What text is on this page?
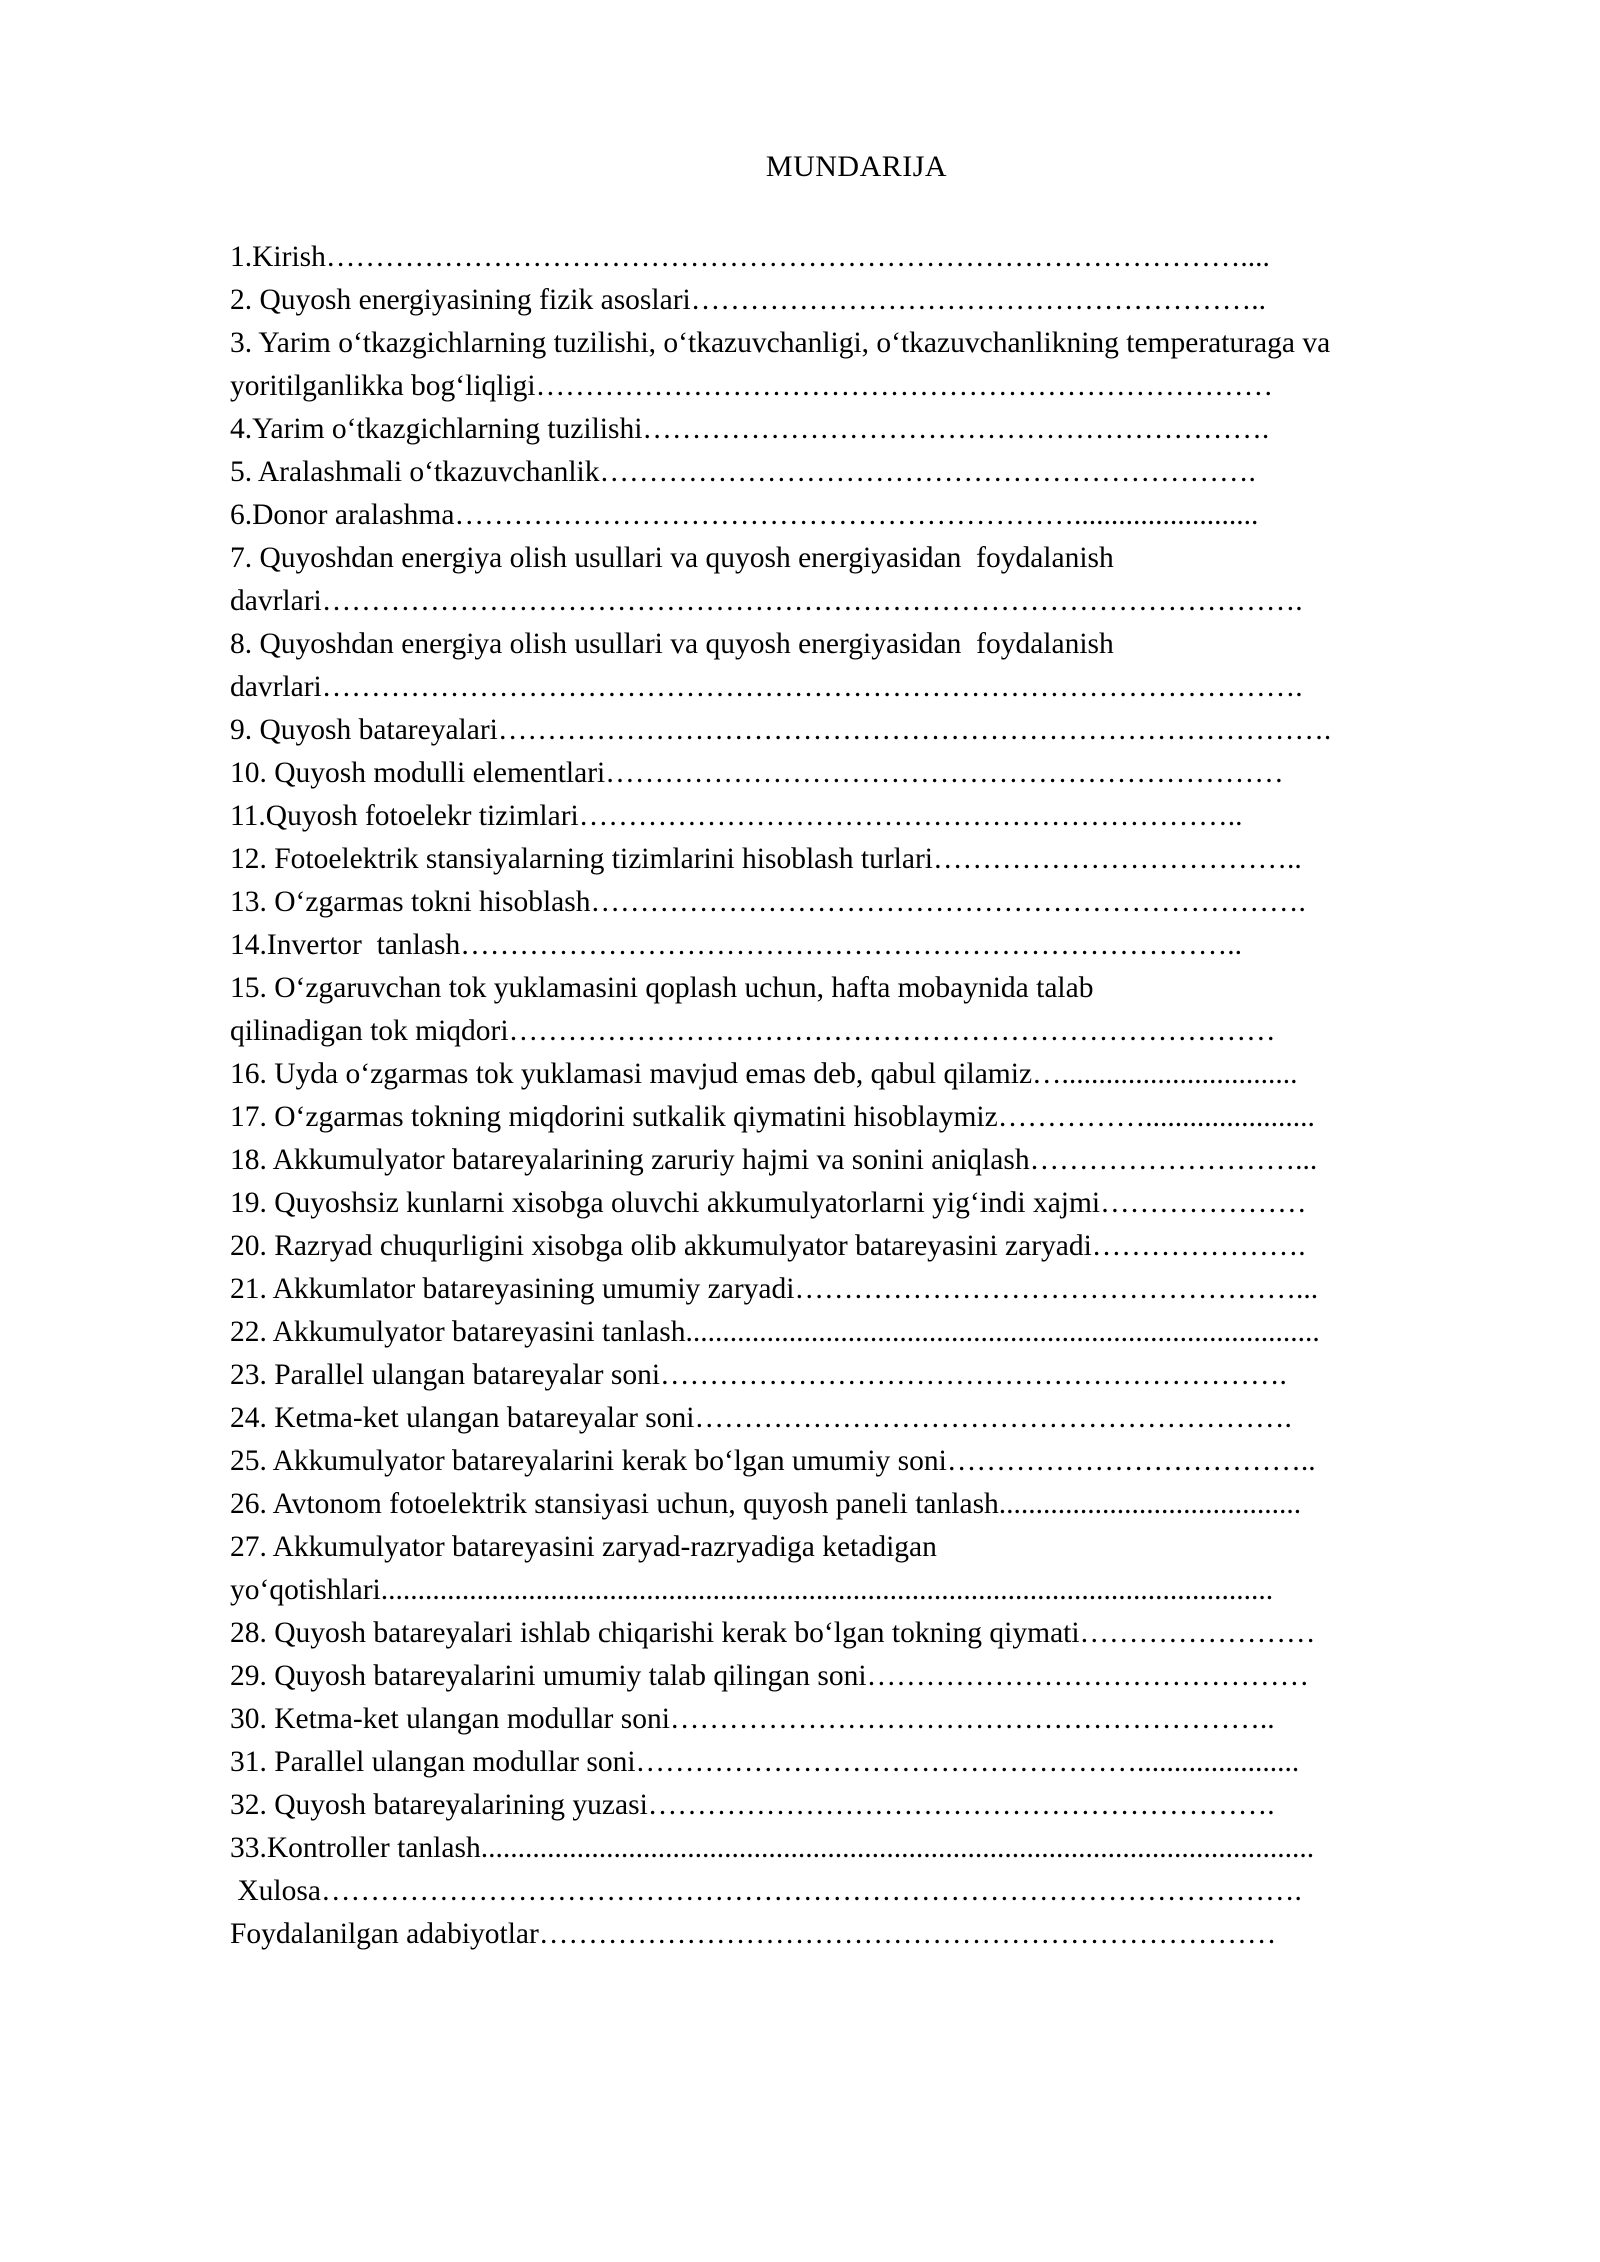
MUNDARIJA
1.Kirish…………………………………………………………………………………....
2. Quyosh energiyasining fizik asoslari…………………………………………………..
3. Yarim o‘tkazgichlarning tuzilishi, o‘tkazuvchanligi, o‘tkazuvchanlikning temperaturaga va
yoritilganlikka bog‘liqligi…………………………………………………………………
4.Yarim o‘tkazgichlarning tuzilishi……………………………………………………….
5. Aralashmali o‘tkazuvchanlik………………………………………………………….
6.Donor aralashma……………………………………………………….........................
7. Quyoshdan energiya olish usullari va quyosh energiyasidan  foydalanish
davrlari……………………………………………………………………………………….
8. Quyoshdan energiya olish usullari va quyosh energiyasidan  foydalanish
davrlari……………………………………………………………………………………….
9. Quyosh batareyalari………………………………………………………………………….
10. Quyosh modulli elementlari……………………………………………………………
11.Quyosh fotoelekr tizimlari…………………………………………………………..
12. Fotoelektrik stansiyalarning tizimlarini hisoblash turlari………………………………..
13. O‘zgarmas tokni hisoblash……………………………………………………………….
14.Invertor  tanlash……………………………………………………………………..
15. O‘zgaruvchan tok yuklamasini qoplash uchun, hafta mobaynida talab
qilinadigan tok miqdori……………………………………………………………………
16. Uyda o‘zgarmas tok yuklamasi mavjud emas deb, qabul qilamiz…................................
17. O‘zgarmas tokning miqdorini sutkalik qiymatini hisoblaymiz…………….......................
18. Akkumulyator batareyalarining zaruriy hajmi va sonini aniqlash………………………...
19. Quyoshsiz kunlarni xisobga oluvchi akkumulyatorlarni yig‘indi xajmi…………………
20. Razryad chuqurligini xisobga olib akkumulyator batareyasini zaryadi………………….
21. Akkumlator batareyasining umumiy zaryadi……………………………………………...
22. Akkumulyator batareyasini tanlash......................................................................................
23. Parallel ulangan batareyalar soni……………………………………………………….
24. Ketma-ket ulangan batareyalar soni…………………………………………………….
25. Akkumulyator batareyalarini kerak bo‘lgan umumiy soni………………………………..
26. Avtonom fotoelektrik stansiyasi uchun, quyosh paneli tanlash.........................................
27. Akkumulyator batareyasini zaryad-razryadiga ketadigan
yo‘qotishlari.........................................................................................................................
28. Quyosh batareyalari ishlab chiqarishi kerak bo‘lgan tokning qiymati……………………
29. Quyosh batareyalarini umumiy talab qilingan soni………………………………………
30. Ketma-ket ulangan modullar soni……………………………………………………..
31. Parallel ulangan modullar soni……………………………………………......................
32. Quyosh batareyalarining yuzasi……………………………………………………….
33.Kontroller tanlash.................................................................................................................
Xulosa……………………………………………………………………………………….
Foydalanilgan adabiyotlar…………………………………………………………………
